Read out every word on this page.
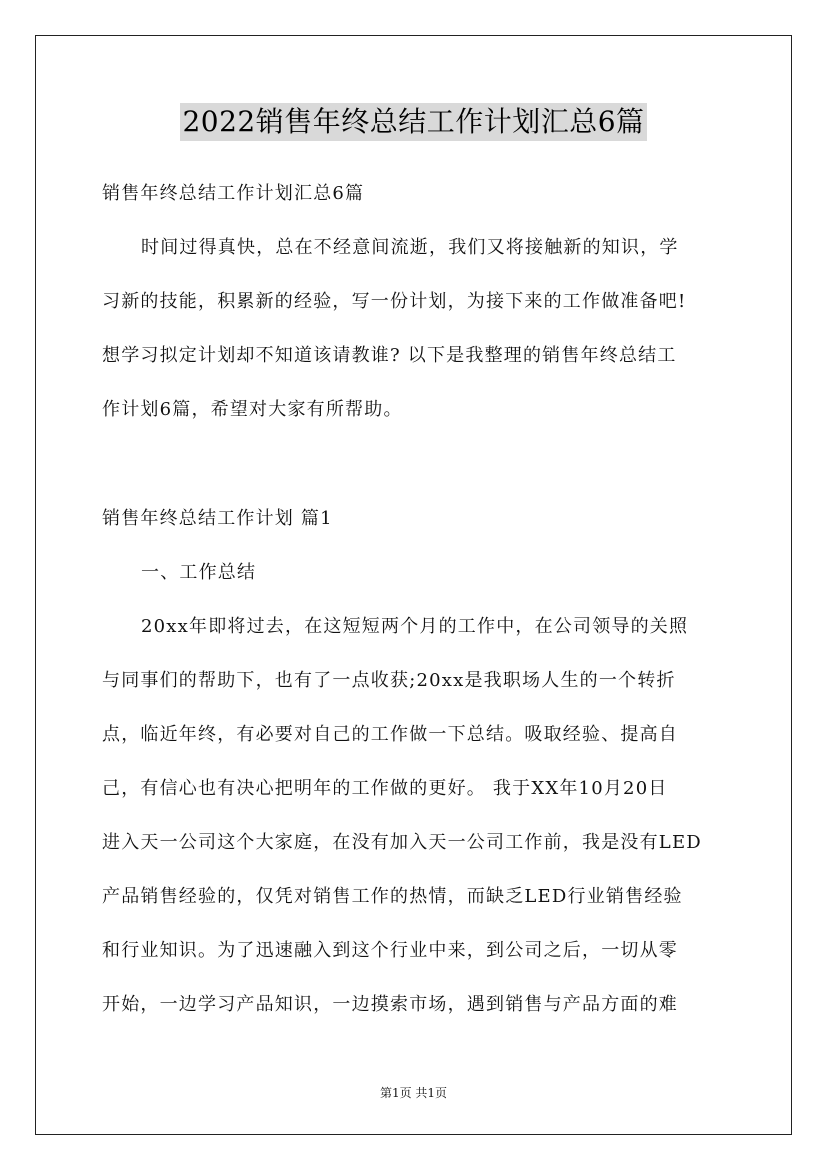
2022销售年终总结工作计划汇总6篇
销售年终总结工作计划汇总6篇
时间过得真快，总在不经意间流逝，我们又将接触新的知识，学
习新的技能，积累新的经验，写一份计划，为接下来的工作做准备吧!
想学习拟定计划却不知道该请教谁? 以下是我整理的销售年终总结工
作计划6篇，希望对大家有所帮助。
销售年终总结工作计划 篇1
一、工作总结
20xx年即将过去，在这短短两个月的工作中，在公司领导的关照
与同事们的帮助下，也有了一点收获;20xx是我职场人生的一个转折
点，临近年终，有必要对自己的工作做一下总结。吸取经验、提高自
己，有信心也有决心把明年的工作做的更好。 我于XX年10月20日
进入天一公司这个大家庭，在没有加入天一公司工作前，我是没有LED
产品销售经验的，仅凭对销售工作的热情，而缺乏LED行业销售经验
和行业知识。为了迅速融入到这个行业中来，到公司之后，一切从零
开始，一边学习产品知识，一边摸索市场，遇到销售与产品方面的难
第1页 共1页
